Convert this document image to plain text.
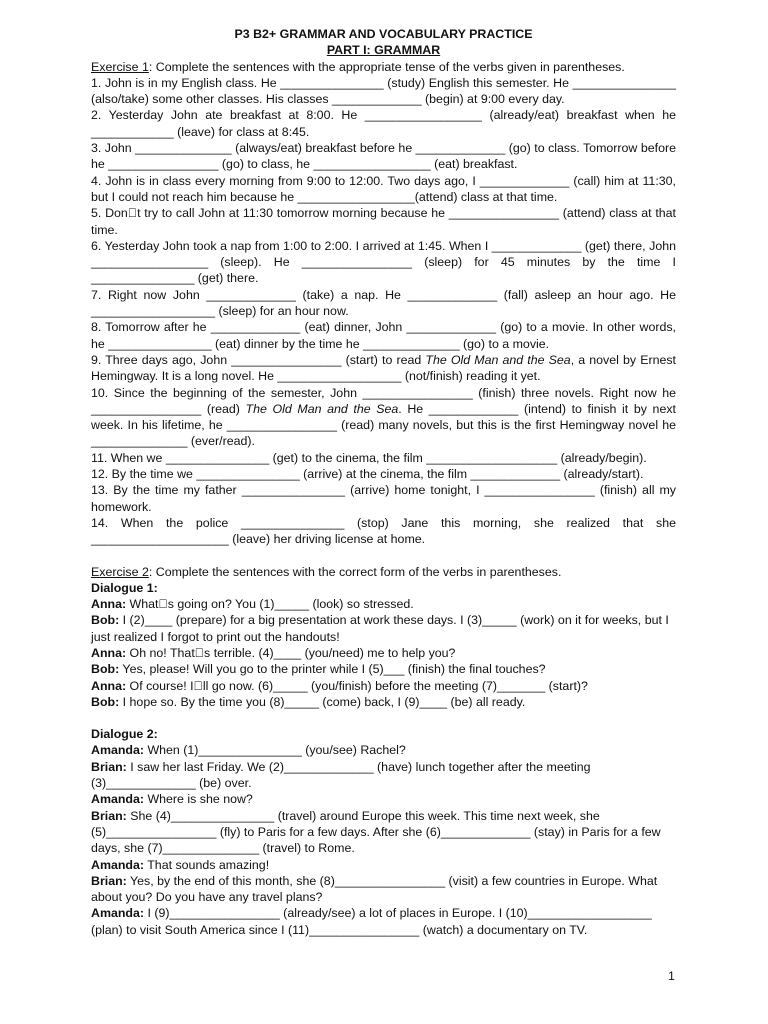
P3 B2+ GRAMMAR AND VOCABULARY PRACTICE
PART I: GRAMMAR
Exercise 1: Complete the sentences with the appropriate tense of the verbs given in parentheses.
1. John is in my English class. He _______________ (study) English this semester. He _______________ (also/take) some other classes. His classes _____________ (begin) at 9:00 every day.
2. Yesterday John ate breakfast at 8:00. He _________________ (already/eat) breakfast when he ____________ (leave) for class at 8:45.
3. John ______________ (always/eat) breakfast before he _____________ (go) to class. Tomorrow before he ________________ (go) to class, he _________________ (eat) breakfast.
4. John is in class every morning from 9:00 to 12:00. Two days ago, I _____________ (call) him at 11:30, but I could not reach him because he _________________(attend) class at that time.
5. Don t try to call John at 11:30 tomorrow morning because he ________________ (attend) class at that time.
6. Yesterday John took a nap from 1:00 to 2:00. I arrived at 1:45. When I _____________ (get) there, John _________________ (sleep). He ________________ (sleep) for 45 minutes by the time I _______________ (get) there.
7. Right now John _____________ (take) a nap. He _____________ (fall) asleep an hour ago. He __________________ (sleep) for an hour now.
8. Tomorrow after he _____________ (eat) dinner, John _____________ (go) to a movie. In other words, he _______________ (eat) dinner by the time he ______________ (go) to a movie.
9. Three days ago, John ________________ (start) to read The Old Man and the Sea, a novel by Ernest Hemingway. It is a long novel. He __________________ (not/finish) reading it yet.
10. Since the beginning of the semester, John ________________ (finish) three novels. Right now he ________________ (read) The Old Man and the Sea. He _____________ (intend) to finish it by next week. In his lifetime, he ________________ (read) many novels, but this is the first Hemingway novel he ______________ (ever/read).
11. When we _______________ (get) to the cinema, the film ___________________ (already/begin).
12. By the time we _______________ (arrive) at the cinema, the film _____________ (already/start).
13. By the time my father _______________ (arrive) home tonight, I ________________ (finish) all my homework.
14. When the police _______________ (stop) Jane this morning, she realized that she ____________________ (leave) her driving license at home.
Exercise 2: Complete the sentences with the correct form of the verbs in parentheses.
Dialogue 1:
Anna: What s going on? You (1)_____ (look) so stressed.
Bob: I (2)____ (prepare) for a big presentation at work these days. I (3)_____ (work) on it for weeks, but I just realized I forgot to print out the handouts!
Anna: Oh no! That s terrible. (4)____ (you/need) me to help you?
Bob: Yes, please! Will you go to the printer while I (5)___ (finish) the final touches?
Anna: Of course! I ll go now. (6)_____ (you/finish) before the meeting (7)_______ (start)?
Bob: I hope so. By the time you (8)_____ (come) back, I (9)____ (be) all ready.
Dialogue 2:
Amanda: When (1)_______________ (you/see) Rachel?
Brian: I saw her last Friday. We (2)_____________ (have) lunch together after the meeting (3)_____________ (be) over.
Amanda: Where is she now?
Brian: She (4)_______________ (travel) around Europe this week. This time next week, she (5)________________ (fly) to Paris for a few days. After she (6)_____________ (stay) in Paris for a few days, she (7)______________ (travel) to Rome.
Amanda: That sounds amazing!
Brian: Yes, by the end of this month, she (8)________________ (visit) a few countries in Europe. What about you? Do you have any travel plans?
Amanda: I (9)________________ (already/see) a lot of places in Europe. I (10)__________________ (plan) to visit South America since I (11)________________ (watch) a documentary on TV.
1
